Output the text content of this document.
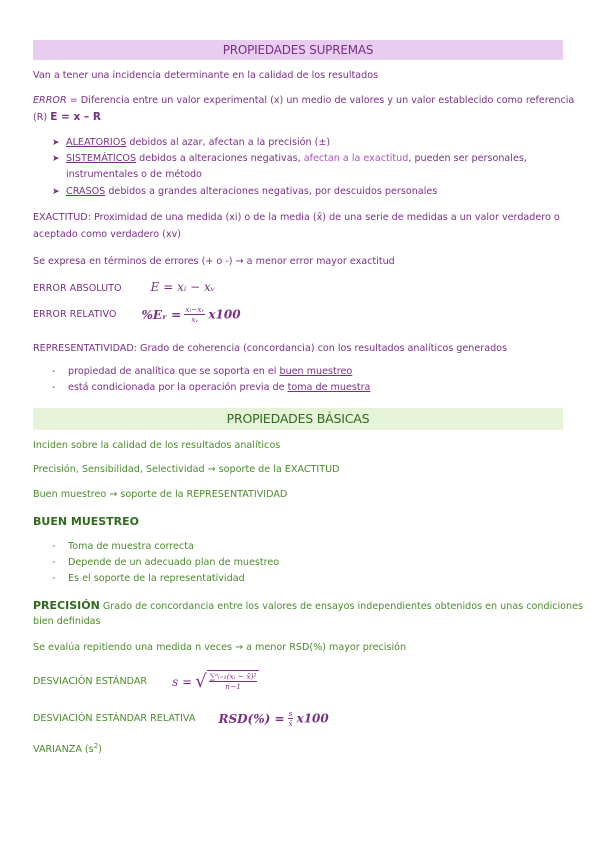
PROPIEDADES SUPREMAS
Van a tener una incidencia determinante en la calidad de los resultados
ERROR = Diferencia entre un valor experimental (x) un medio de valores y un valor establecido como referencia
(R) E = x – R
➤ ALEATORIOS debidos al azar, afectan a la precisión (±)
➤ SISTEMÁTICOS debidos a alteraciones negativas, afectan a la exactitud, pueden ser personales,
instrumentales o de método
➤ CRASOS debidos a grandes alteraciones negativas, por descuidos personales
EXACTITUD: Proximidad de una medida (xi) o de la media (x̄) de una serie de medidas a un valor verdadero o
aceptado como verdadero (xv)
Se expresa en términos de errores (+ o -) → a menor error mayor exactitud
ERROR ABSOLUTO E = xᵢ − xᵥ
ERROR RELATIVO %Eᵣ = $\frac{\text{xᵢ−xᵥ}}{\text{xᵥ}} x100$
REPRESENTATIVIDAD: Grado de coherencia (concordancia) con los resultados analíticos generados
- propiedad de analítica que se soporta en el buen muestreo
- está condicionada por la operación previa de toma de muestra
PROPIEDADES BÁSICAS
Inciden sobre la calidad de los resultados analíticos
Precisión, Sensibilidad, Selectividad → soporte de la EXACTITUD
Buen muestreo → soporte de la REPRESENTATIVIDAD
BUEN MUESTREO
- Toma de muestra correcta
- Depende de un adecuado plan de muestreo
- Es el soporte de la representatividad
PRECISIÓN Grado de concordancia entre los valores de ensayos independientes obtenidos en unas condiciones
bien definidas
Se evalúa repitiendo una medida n veces → a menor RSD(%) mayor precisión
DESVIACIÓN ESTÁNDAR s = √ $\frac{\text{∑ⁿᵢ₌₁(xᵢ − x̄)²}}{n-1}$
DESVIACIÓN ESTÁNDAR RELATIVA $RSD(\%) = \frac{s}{x̄} x100$
VARIANZA $(s^2)$
